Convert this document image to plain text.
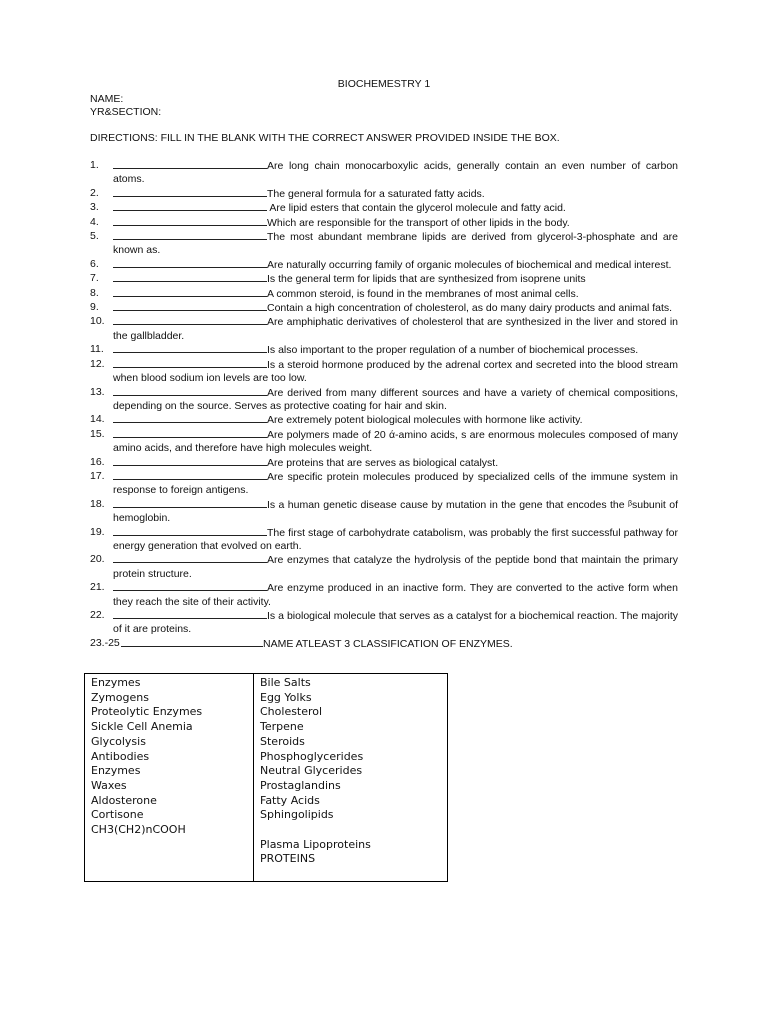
BIOCHEMESTRY 1
NAME:
YR&SECTION:
DIRECTIONS: FILL IN THE BLANK WITH THE CORRECT ANSWER PROVIDED INSIDE THE BOX.
1.	Are long chain monocarboxylic acids, generally contain an even number of carbon atoms.
2.	The general formula for a saturated fatty acids.
3.	Are lipid esters that contain the glycerol molecule and fatty acid.
4.	Which are responsible for the transport of other lipids in the body.
5.	The most abundant membrane lipids are derived from glycerol-3-phosphate and are known as.
6.	Are naturally occurring family of organic molecules of biochemical and medical interest.
7.	Is the general term for lipids that are synthesized from isoprene units
8.	A common steroid, is found in the membranes of most animal cells.
9.	Contain a high concentration of cholesterol, as do many dairy products and animal fats.
10.	Are amphiphatic derivatives of cholesterol that are synthesized in the liver and stored in the gallbladder.
11.	Is also important to the proper regulation of a number of biochemical processes.
12.	Is a steroid hormone produced by the adrenal cortex and secreted into the blood stream when blood sodium ion levels are too low.
13.	Are derived from many different sources and have a variety of chemical compositions, depending on the source. Serves as protective coating for hair and skin.
14.	Are extremely potent biological molecules with hormone like activity.
15.	Are polymers made of 20 ά-amino acids, s are enormous molecules composed of many amino acids, and therefore have high molecules weight.
16.	Are proteins that are serves as biological catalyst.
17.	Are specific protein molecules produced by specialized cells of the immune system in response to foreign antigens.
18.	Is a human genetic disease cause by mutation in the gene that encodes the ᵝsubunit of hemoglobin.
19.	The first stage of carbohydrate catabolism, was probably the first successful pathway for energy generation that evolved on earth.
20.	Are enzymes that catalyze the hydrolysis of the peptide bond that maintain the primary protein structure.
21.	Are enzyme produced in an inactive form. They are converted to the active form when they reach the site of their activity.
22.	Is a biological molecule that serves as a catalyst for a biochemical reaction. The majority of it are proteins.
23.-25	NAME ATLEAST 3 CLASSIFICATION OF ENZYMES.
Enzymes
Zymogens
Proteolytic Enzymes
Sickle Cell Anemia
Glycolysis
Antibodies
Enzymes
Waxes
Aldosterone
Cortisone
CH3(CH2)nCOOH
Bile Salts
Egg Yolks
Cholesterol
Terpene
Steroids
Phosphoglycerides
Neutral Glycerides
Prostaglandins
Fatty Acids
Sphingolipids
Plasma Lipoproteins
PROTEINS
